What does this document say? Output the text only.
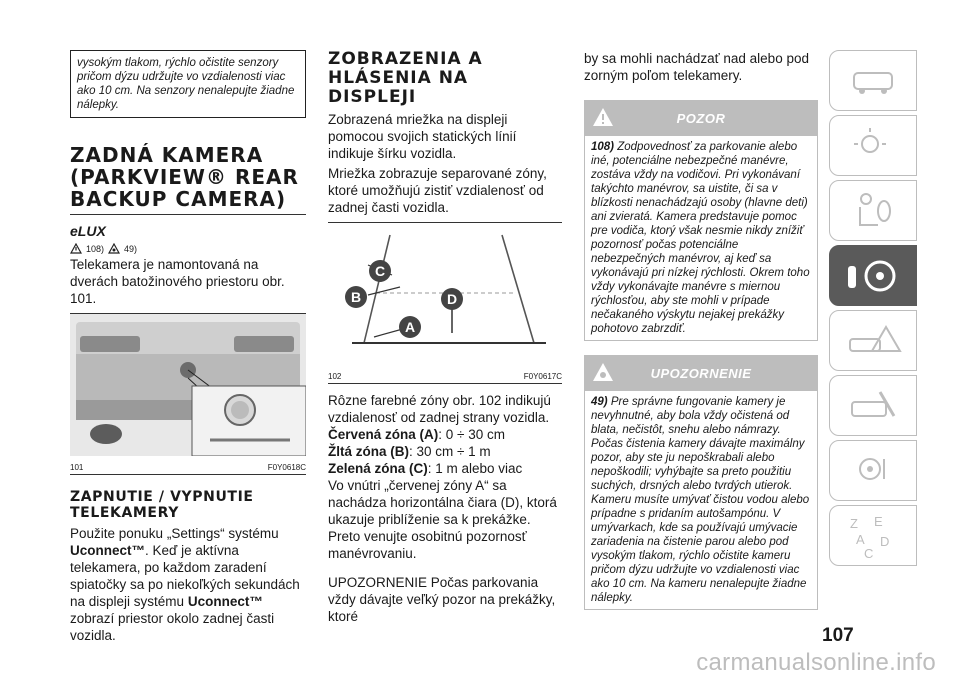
vysokým tlakom, rýchlo očistite senzory pričom dýzu udržujte vo vzdialenosti viac ako 10 cm. Na senzory nenalepujte žiadne nálepky.
ZADNÁ KAMERA (PARKVIEW® REAR BACKUP CAMERA)
eLUX
108) 49)

Telekamera je namontovaná na dverách batožinového priestoru obr. 101.

101	F0Y0618C
ZAPNUTIE / VYPNUTIE TELEKAMERY

Použite ponuku „Settings“ systému Uconnect™. Keď je aktívna telekamera, po každom zaradení spiatočky sa po niekoľkých sekundách na displeji systému Uconnect™ zobrazí priestor okolo zadnej časti vozidla.

ZOBRAZENIA A HLÁSENIA NA DISPLEJI

Zobrazená mriežka na displeji pomocou svojich statických línií indikuje šírku vozidla.

Mriežka zobrazuje separované zóny, ktoré umožňujú zistiť vzdialenosť od zadnej časti vozidla.

C
B	D
A
102	F0Y0617C

Rôzne farebné zóny obr. 102 indikujú vzdialenosť od zadnej strany vozidla.

Červená zóna (A): 0 ÷ 30 cm

Žltá zóna (B): 30 cm ÷ 1 m

Zelená zóna (C): 1 m alebo viac

Vo vnútri „červenej zóny A“ sa nachádza horizontálna čiara (D), ktorá ukazuje priblíženie sa k prekážke. Preto venujte osobitnú pozornosť manévrovaniu.

UPOZORNENIE Počas parkovania vždy dávajte veľký pozor na prekážky, ktoré

by sa mohli nachádzať nad alebo pod zorným poľom telekamery.

POZOR
108) Zodpovednosť za parkovanie alebo iné, potenciálne nebezpečné manévre, zostáva vždy na vodičovi. Pri vykonávaní takýchto manévrov, sa uistite, či sa v blízkosti nenachádzajú osoby (hlavne deti) ani zvieratá. Kamera predstavuje pomoc pre vodiča, ktorý však nesmie nikdy znížiť pozornosť počas potenciálne nebezpečných manévrov, aj keď sa vykonávajú pri nízkej rýchlosti. Okrem toho vždy vykonávajte manévre s miernou rýchlosťou, aby ste mohli v prípade nečakaného výskytu nejakej prekážky pohotovo zabrzdiť.
UPOZORNENIE
49) Pre správne fungovanie kamery je nevyhnutné, aby bola vždy očistená od blata, nečistôt, snehu alebo námrazy. Počas čistenia kamery dávajte maximálny pozor, aby ste ju nepoškrabali alebo nepoškodili; vyhýbajte sa preto použitiu suchých, drsných alebo tvrdých utierok. Kameru musíte umývať čistou vodou alebo prípadne s pridaním autošampónu. V umývarkach, kde sa používajú umývacie zariadenia na čistenie parou alebo pod vysokým tlakom, rýchlo očistite kameru pričom dýzu udržujte vo vzdialenosti viac ako 10 cm. Na kameru nenalepujte žiadne nálepky.
Z E
A D
C
107
carmanualsonline.info
